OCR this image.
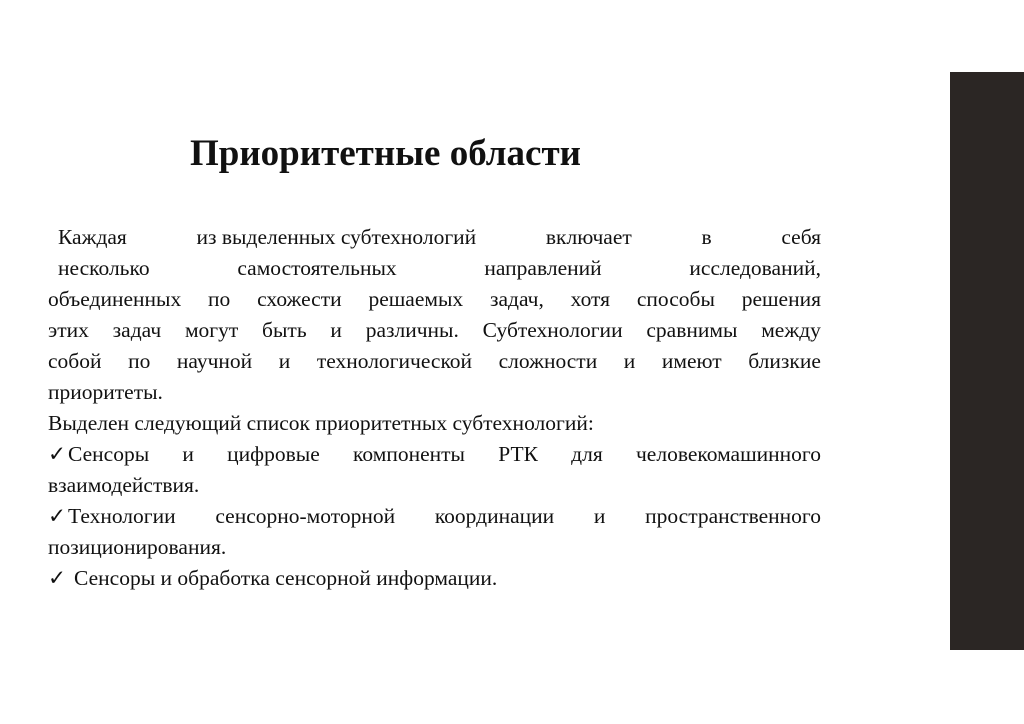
Приоритетные области
Каждая	из выделенных субтехнологий	включает	в	себя
несколько	самостоятельных	направлений	исследований,
объединенных по схожести решаемых задач, хотя способы решения
этих задач могут быть и различны. Субтехнологии сравнимы между
собой по научной и технологической сложности и имеют близкие
приоритеты.
Выделен следующий список приоритетных субтехнологий:
✓Сенсоры и цифровые компоненты РТК для человекомашинного
взаимодействия.
✓Технологии сенсорно-моторной координации и пространственного
позиционирования.
✓ Сенсоры и обработка сенсорной информации.
